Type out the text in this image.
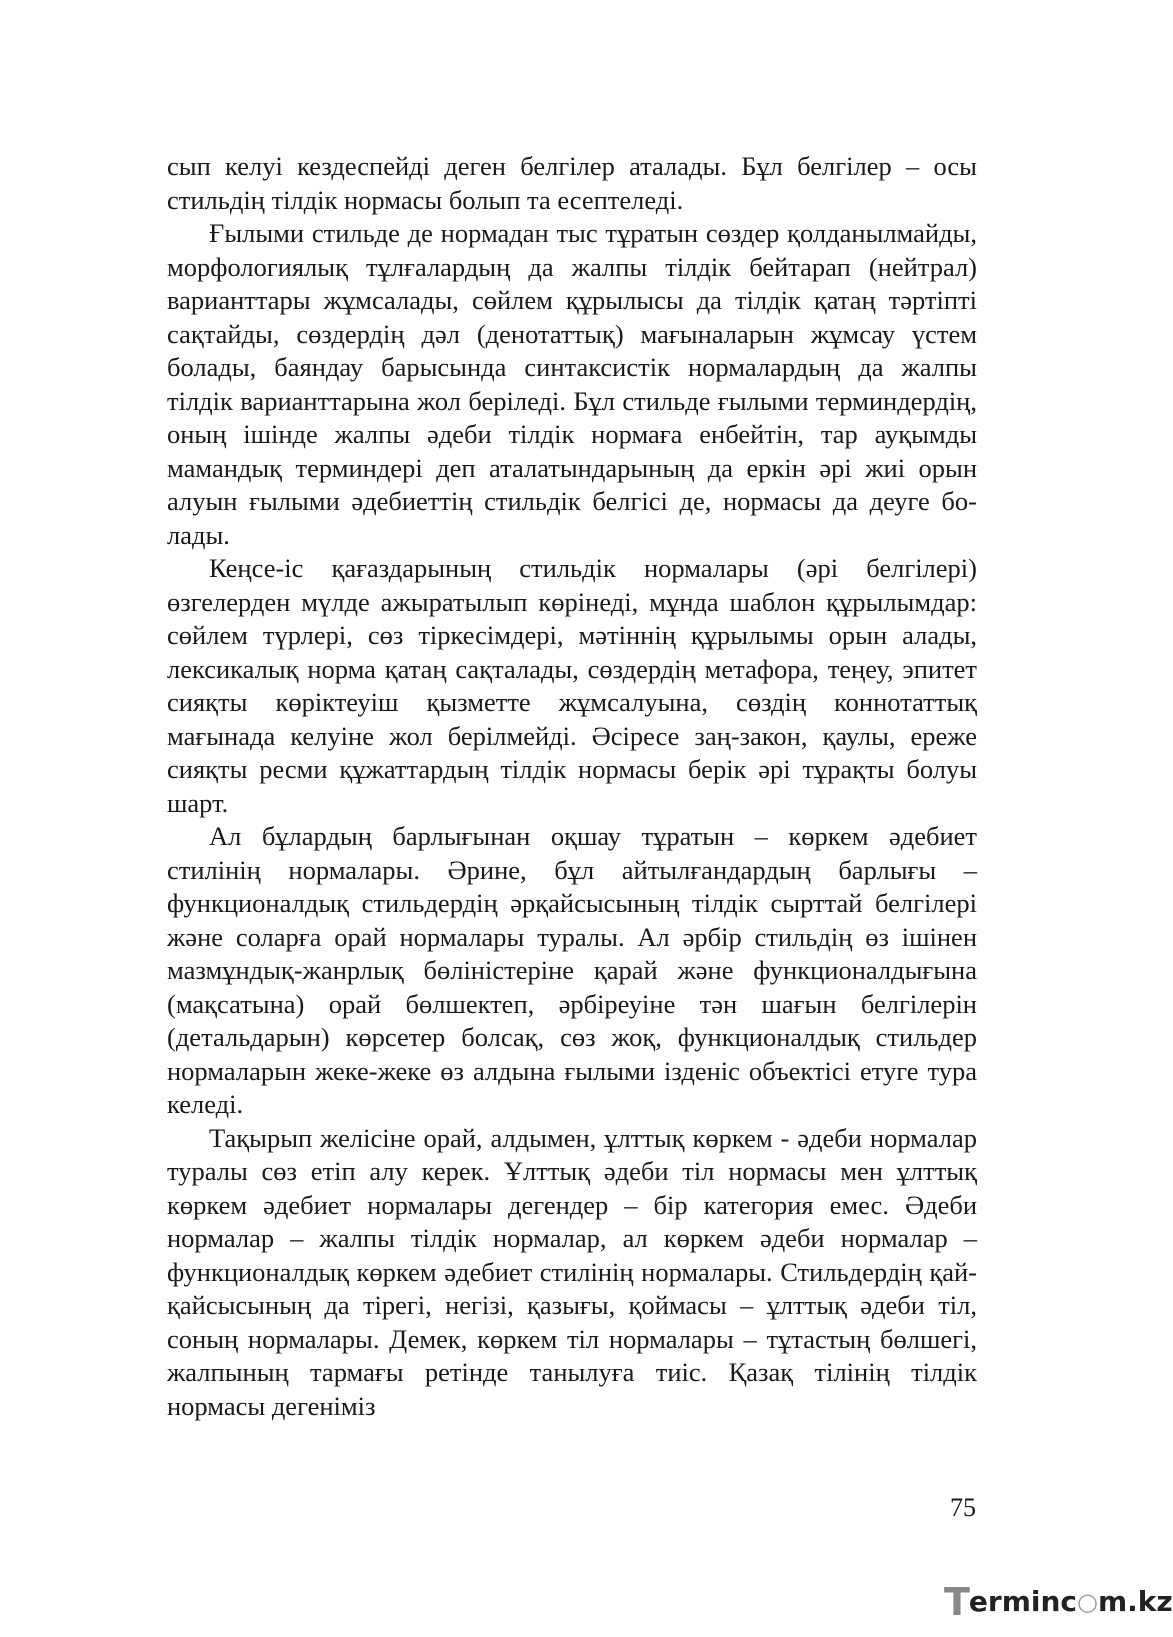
сып келуі кездеспейді деген белгілер аталады. Бұл белгілер – осы стильдің тілдік нормасы болып та есептеледі.

Ғылыми стильде де нормадан тыс тұратын сөздер қолданылмайды, морфологиялық тұлғалардың да жалпы тілдік бейтарап (нейтрал) варианттары жұмсалады, сөйлем құрылысы да тілдік қатаң тәртіпті сақтайды, сөздердің дәл (денотаттық) мағыналарын жұмсау үстем болады, баяндау барысында синтаксистік нормалардың да жалпы тілдік варианттарына жол беріледі. Бұл стильде ғылыми терминдердің, оның ішінде жалпы әдеби тілдік нормаға енбейтін, тар ауқымды мамандық терминдері деп аталатындарының да еркін әрі жиі орын алуын ғылыми әдебиеттің стильдік белгісі де, нормасы да деуге болады.

Кеңсе-іс қағаздарының стильдік нормалары (әрі белгілері) өзгелерден мүлде ажыратылып көрінеді, мұнда шаблон құрылымдар: сөйлем түрлері, сөз тіркесімдері, мәтіннің құрылымы орын алады, лексикалық норма қатаң сақталады, сөздердің метафора, теңеу, эпитет сияқты көріктеуіш қызметте жұмсалуына, сөздің коннотаттық мағынада келуіне жол берілмейді. Әсіресе заң-закон, қаулы, ереже сияқты ресми құжаттардың тілдік нормасы берік әрі тұрақты болуы шарт.

Ал бұлардың барлығынан оқшау тұратын – көркем әдебиет стилінің нормалары. Әрине, бұл айтылғандардың барлығы – функционалдық стильдердің әрқайсысының тілдік сырттай белгілері және соларға орай нормалары туралы. Ал әрбір стильдің өз ішінен мазмұндық-жанрлық бөліністеріне қарай және функционалдығына (мақсатына) орай бөлшектеп, әрбіреуіне тән шағын белгілерін (детальдарын) көрсетер болсақ, сөз жоқ, функционалдық стильдер нормаларын жеке-жеке өз алдына ғылыми ізденіс объектісі етуге тура келеді.

Тақырып желісіне орай, алдымен, ұлттық көркем - әдеби нормалар туралы сөз етіп алу керек. Ұлттық әдеби тіл нормасы мен ұлттық көркем әдебиет нормалары дегендер – бір категория емес. Әдеби нормалар – жалпы тілдік нормалар, ал көркем әдеби нормалар – функционалдық көркем әдебиет стилінің нормалары. Стильдердің қай-қайсысының да тірегі, негізі, қазығы, қоймасы – ұлттық әдеби тіл, соның нормалары. Демек, көркем тіл нормалары – тұтастың бөлшегі, жалпының тармағы ретінде танылуға тиіс. Қазақ тілінің тілдік нормасы дегеніміз

75
T erminc ○ m.kz
